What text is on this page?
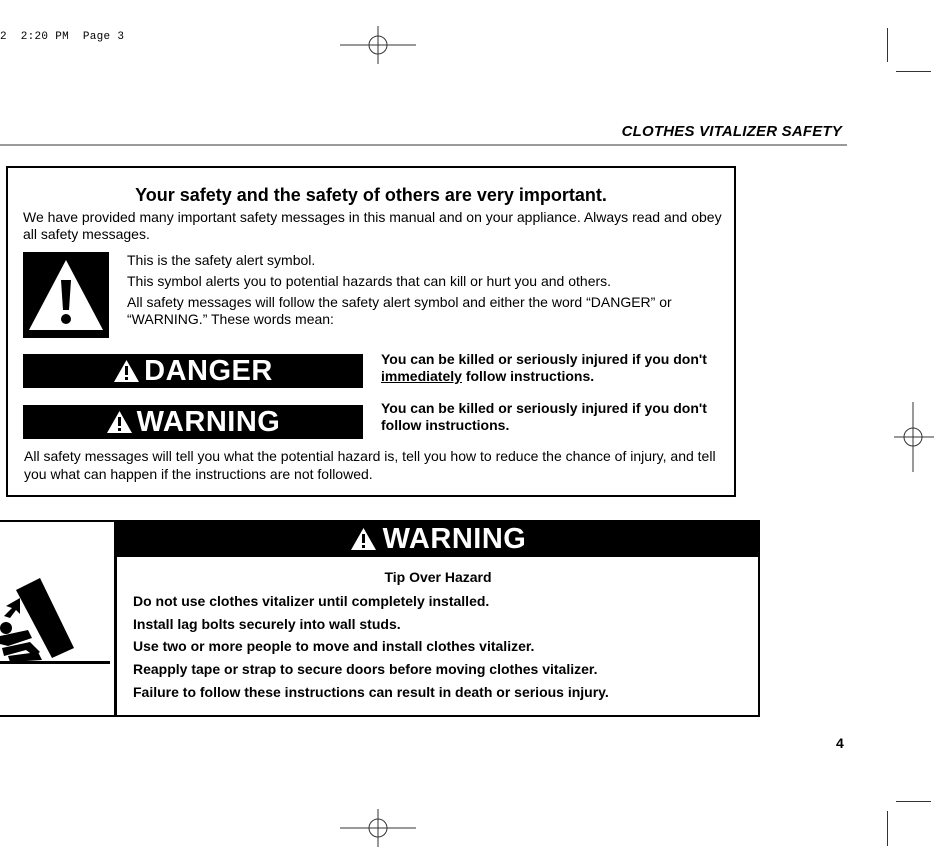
2  2:20 PM  Page 3
CLOTHES VITALIZER SAFETY
Your safety and the safety of others are very important.
We have provided many important safety messages in this manual and on your appliance. Always read and obey all safety messages.
This is the safety alert symbol.
This symbol alerts you to potential hazards that can kill or hurt you and others.
All safety messages will follow the safety alert symbol and either the word “DANGER” or “WARNING.” These words mean:
DANGER	You can be killed or seriously injured if you don't immediately follow instructions.
WARNING	You can be killed or seriously injured if you don't follow instructions.
All safety messages will tell you what the potential hazard is, tell you how to reduce the chance of injury, and tell you what can happen if the instructions are not followed.
WARNING
Tip Over Hazard
Do not use clothes vitalizer until completely installed.
Install lag bolts securely into wall studs.
Use two or more people to move and install clothes vitalizer.
Reapply tape or strap to secure doors before moving clothes vitalizer.
Failure to follow these instructions can result in death or serious injury.
4
